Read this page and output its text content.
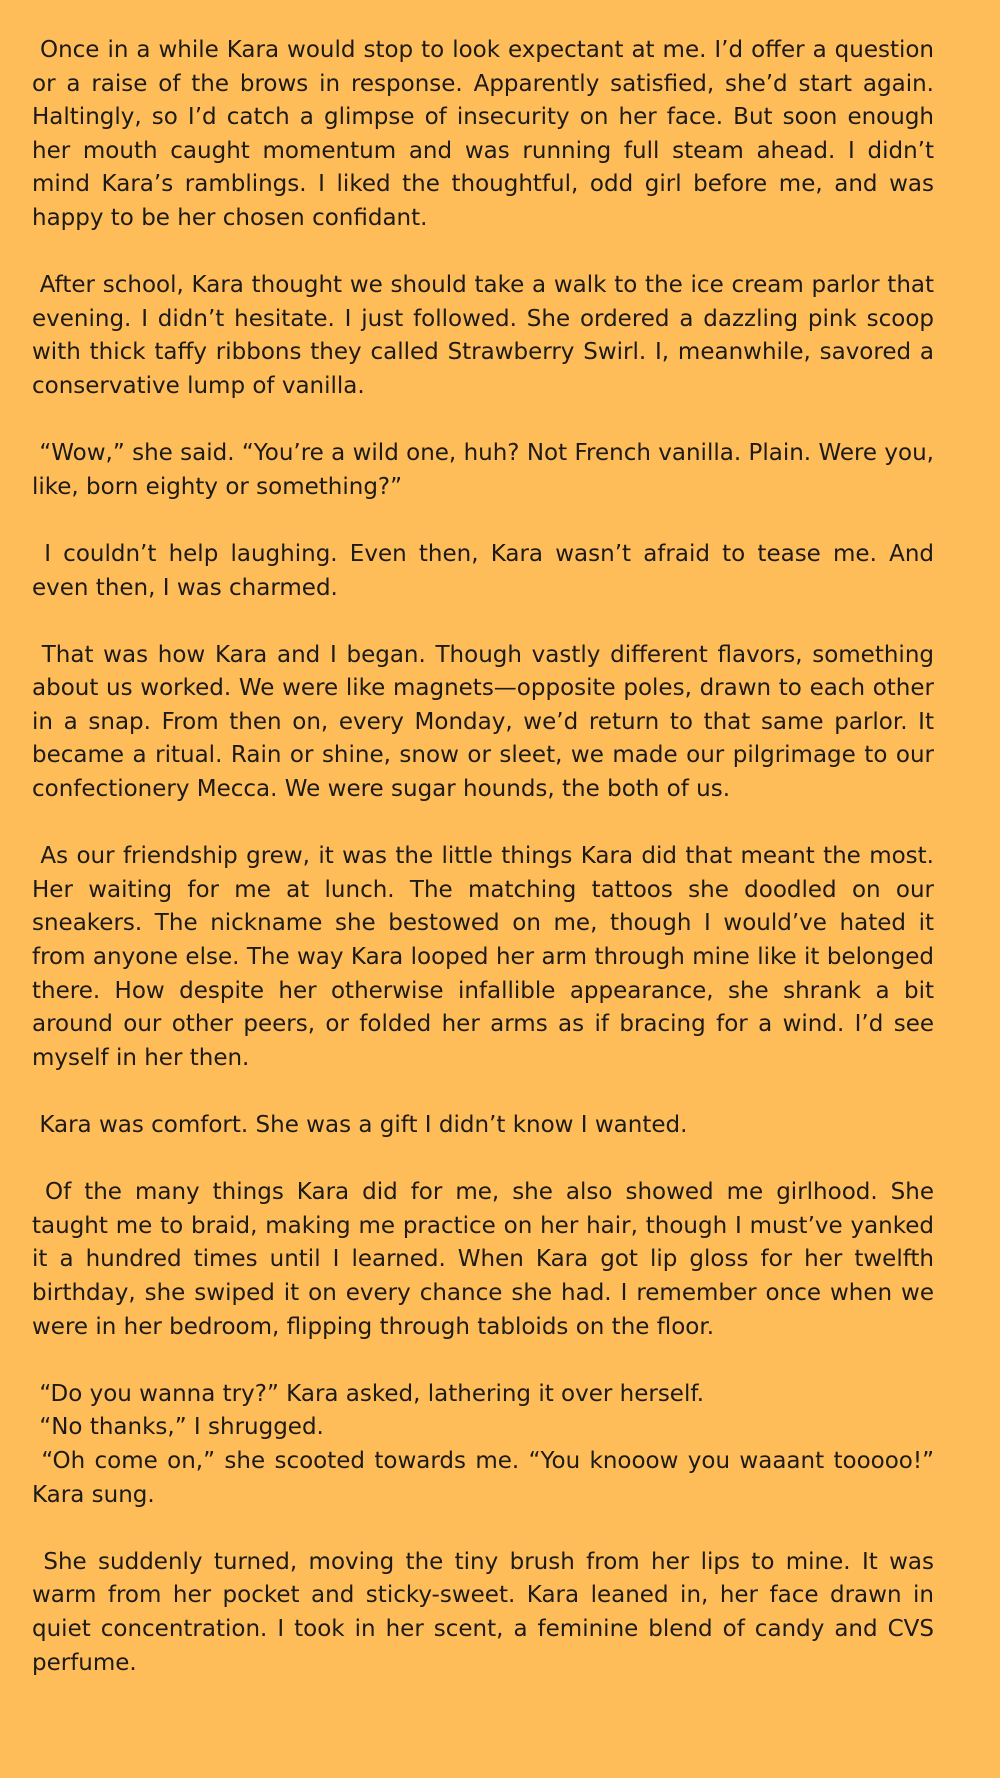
Once in a while Kara would stop to look expectant at me. I’d offer a question or a raise of the brows in response. Apparently satisfied, she’d start again. Haltingly, so I’d catch a glimpse of insecurity on her face. But soon enough her mouth caught momentum and was running full steam ahead. I didn’t mind Kara’s ramblings. I liked the thoughtful, odd girl before me, and was happy to be her chosen confidant.

After school, Kara thought we should take a walk to the ice cream parlor that evening. I didn’t hesitate. I just followed. She ordered a dazzling pink scoop with thick taffy ribbons they called Strawberry Swirl. I, meanwhile, savored a conservative lump of vanilla.

“Wow,” she said. “You’re a wild one, huh? Not French vanilla. Plain. Were you, like, born eighty or something?”

I couldn’t help laughing. Even then, Kara wasn’t afraid to tease me. And even then, I was charmed.

That was how Kara and I began. Though vastly different flavors, something about us worked. We were like magnets—opposite poles, drawn to each other in a snap. From then on, every Monday, we’d return to that same parlor. It became a ritual. Rain or shine, snow or sleet, we made our pilgrimage to our confectionery Mecca. We were sugar hounds, the both of us.

As our friendship grew, it was the little things Kara did that meant the most. Her waiting for me at lunch. The matching tattoos she doodled on our sneakers. The nickname she bestowed on me, though I would’ve hated it from anyone else. The way Kara looped her arm through mine like it belonged there. How despite her otherwise infallible appearance, she shrank a bit around our other peers, or folded her arms as if bracing for a wind. I’d see myself in her then.

Kara was comfort. She was a gift I didn’t know I wanted.

Of the many things Kara did for me, she also showed me girlhood. She taught me to braid, making me practice on her hair, though I must’ve yanked it a hundred times until I learned. When Kara got lip gloss for her twelfth birthday, she swiped it on every chance she had. I remember once when we were in her bedroom, flipping through tabloids on the floor.

“Do you wanna try?” Kara asked, lathering it over herself.

“No thanks,” I shrugged.

“Oh come on,” she scooted towards me. “You knooow you waaant tooooo!” Kara sung.

She suddenly turned, moving the tiny brush from her lips to mine. It was warm from her pocket and sticky-sweet. Kara leaned in, her face drawn in quiet concentration. I took in her scent, a feminine blend of candy and CVS perfume.
